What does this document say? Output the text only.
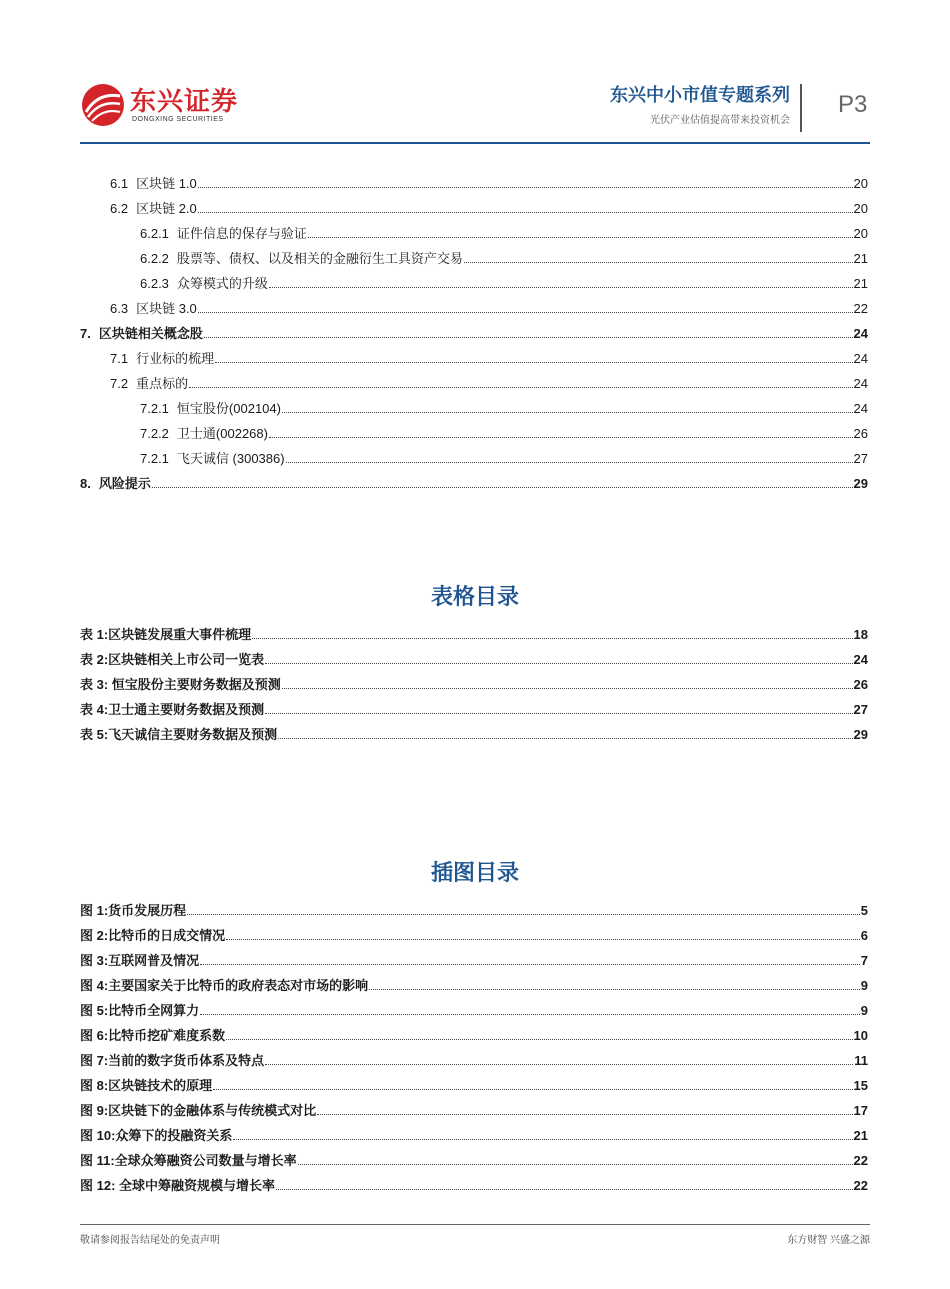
东兴证券
DONGXING SECURITIES
东兴中小市值专题系列
光伏产业估值提高带来投资机会
P3
6.1 区块链 1.0	20
6.2 区块链 2.0	20
6.2.1 证件信息的保存与验证	20
6.2.2 股票等、债权、以及相关的金融衍生工具资产交易	21
6.2.3 众筹模式的升级	21
6.3 区块链 3.0	22
7. 区块链相关概念股	24
7.1 行业标的梳理	24
7.2 重点标的	24
7.2.1 恒宝股份(002104)	24
7.2.2 卫士通(002268)	26
7.2.1 飞天诚信 (300386)	27
8. 风险提示	29
表格目录
表 1:区块链发展重大事件梳理	18
表 2:区块链相关上市公司一览表	24
表 3: 恒宝股份主要财务数据及预测	26
表 4:卫士通主要财务数据及预测	27
表 5:飞天诚信主要财务数据及预测	29
插图目录
图 1:货币发展历程	5
图 2:比特币的日成交情况	6
图 3:互联网普及情况	7
图 4:主要国家关于比特币的政府表态对市场的影响	9
图 5:比特币全网算力	9
图 6:比特币挖矿难度系数	10
图 7:当前的数字货币体系及特点	11
图 8:区块链技术的原理	15
图 9:区块链下的金融体系与传统模式对比	17
图 10:众筹下的投融资关系	21
图 11:全球众筹融资公司数量与增长率	22
图 12: 全球中筹融资规模与增长率	22
敬请参阅报告结尾处的免责声明	东方财智 兴盛之源
